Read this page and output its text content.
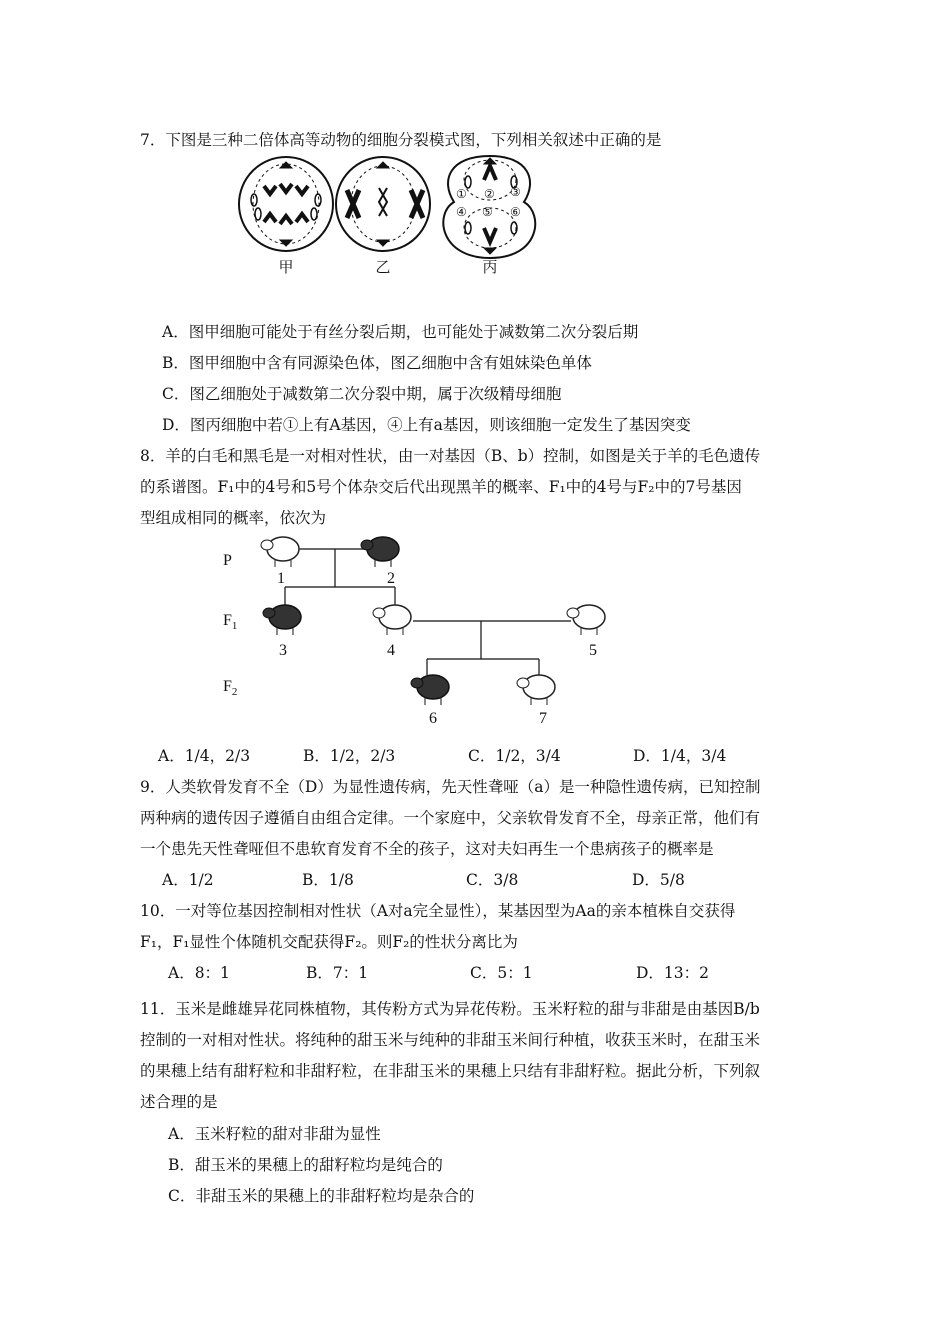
7．下图是三种二倍体高等动物的细胞分裂模式图，下列相关叙述中正确的是
① ② ③
④ ⑤ ⑥
甲	乙	丙
A．图甲细胞可能处于有丝分裂后期，也可能处于减数第二次分裂后期
B．图甲细胞中含有同源染色体，图乙细胞中含有姐妹染色单体
C．图乙细胞处于减数第二次分裂中期，属于次级精母细胞
D．图丙细胞中若①上有A基因，④上有a基因，则该细胞一定发生了基因突变
8．羊的白毛和黑毛是一对相对性状，由一对基因（B、b）控制，如图是关于羊的毛色遗传
的系谱图。F₁中的4号和5号个体杂交后代出现黑羊的概率、F₁中的4号与F₂中的7号基因
型组成相同的概率，依次为
P
$F_1$
$F_2$
1	2
3	4	5
6	7
A．1/4，2/3	B．1/2，2/3	C．1/2，3/4	D．1/4，3/4
9．人类软骨发育不全（D）为显性遗传病，先天性聋哑（a）是一种隐性遗传病，已知控制
两种病的遗传因子遵循自由组合定律。一个家庭中，父亲软骨发育不全，母亲正常，他们有
一个患先天性聋哑但不患软育发育不全的孩子，这对夫妇再生一个患病孩子的概率是
A．1/2	B．1/8	C．3/8	D．5/8
10．一对等位基因控制相对性状（A对a完全显性），某基因型为Aa的亲本植株自交获得
F₁，F₁显性个体随机交配获得F₂。则F₂的性状分离比为
A．8：1	B．7：1	C．5：1	D．13：2
11．玉米是雌雄异花同株植物，其传粉方式为异花传粉。玉米籽粒的甜与非甜是由基因B/b
控制的一对相对性状。将纯种的甜玉米与纯种的非甜玉米间行种植，收获玉米时，在甜玉米
的果穗上结有甜籽粒和非甜籽粒，在非甜玉米的果穗上只结有非甜籽粒。据此分析，下列叙
述合理的是
A．玉米籽粒的甜对非甜为显性
B．甜玉米的果穗上的甜籽粒均是纯合的
C．非甜玉米的果穗上的非甜籽粒均是杂合的
